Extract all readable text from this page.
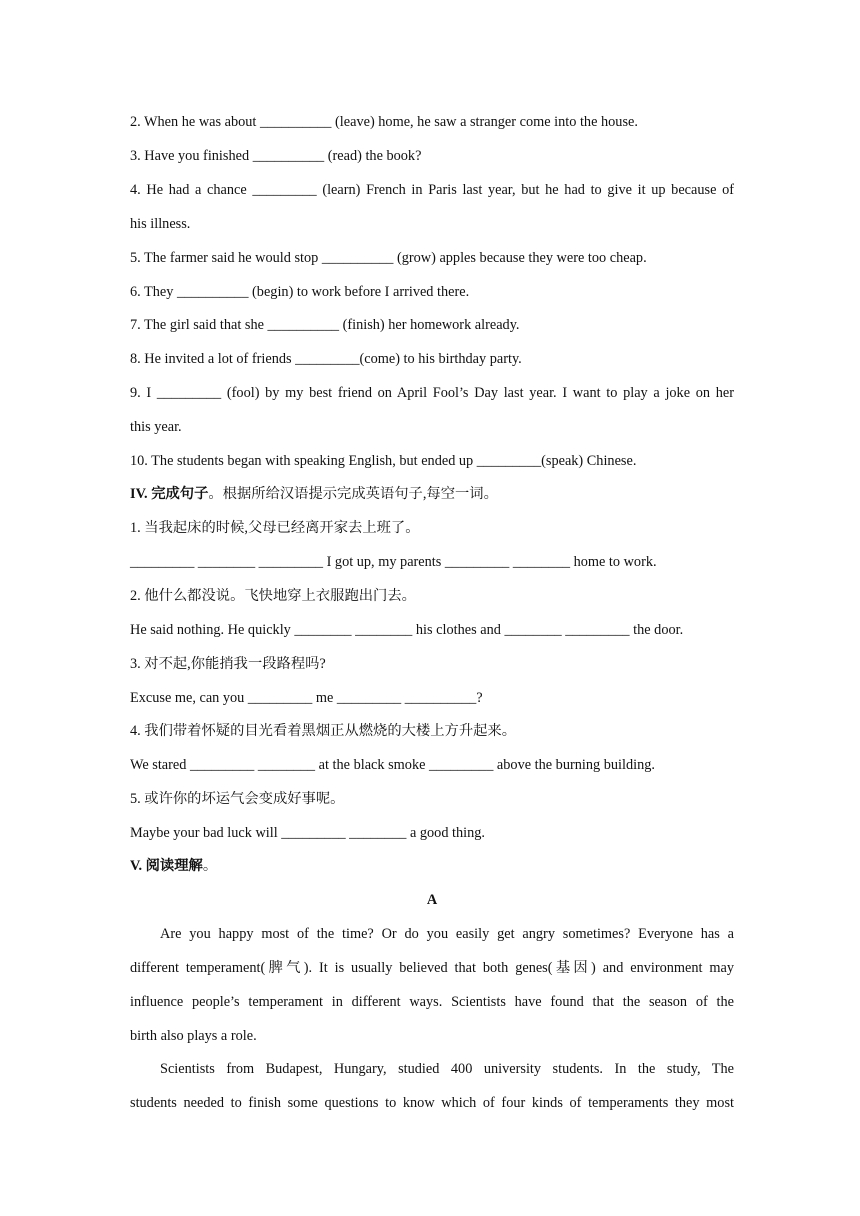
2. When he was about __________ (leave) home, he saw a stranger come into the house.
3. Have you finished __________ (read) the book?
4. He had a chance _________ (learn) French in Paris last year, but he had to give it up because of
his illness.
5. The farmer said he would stop __________ (grow) apples because they were too cheap.
6. They __________ (begin) to work before I arrived there.
7. The girl said that she __________ (finish) her homework already.
8. He invited a lot of friends _________(come) to his birthday party.
9. I _________ (fool) by my best friend on April Fool’s Day last year. I want to play a joke on her
this year.
10. The students began with speaking English, but ended up _________(speak) Chinese.
IV. 完成句子。根据所给汉语提示完成英语句子,每空一词。
1. 当我起床的时候,父母已经离开家去上班了。
_________ ________ _________ I got up, my parents _________ ________ home to work.
2. 他什么都没说。飞快地穿上衣服跑出门去。
He said nothing. He quickly ________ ________ his clothes and ________ _________ the door.
3. 对不起,你能捎我一段路程吗?
Excuse me, can you _________ me _________ __________?
4. 我们带着怀疑的目光看着黑烟正从燃烧的大楼上方升起来。
We stared _________ ________ at the black smoke _________ above the burning building.
5. 或许你的坏运气会变成好事呢。
Maybe your bad luck will _________ ________ a good thing.
V. 阅读理解。
A
Are you happy most of the time? Or do you easily get angry sometimes? Everyone has a
different temperament(脾气). It is usually believed that both genes(基因) and environment may
influence people’s temperament in different ways. Scientists have found that the season of the
birth also plays a role.
Scientists from Budapest, Hungary, studied 400 university students. In the study, The
students needed to finish some questions to know which of four kinds of temperaments they most
